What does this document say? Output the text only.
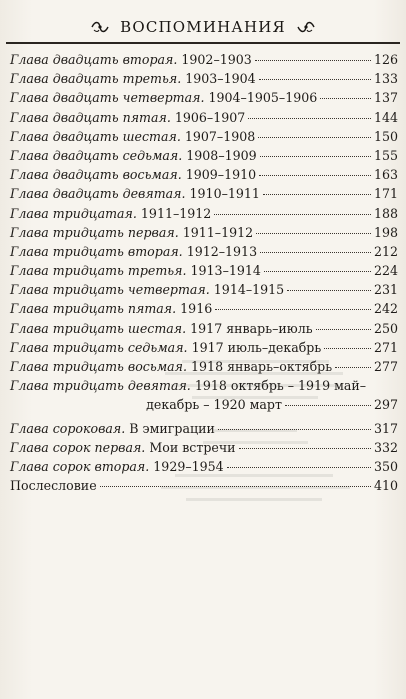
ВОСПОМИНАНИЯ
Глава двадцать вторая. 1902–1903	126
Глава двадцать третья. 1903–1904	133
Глава двадцать четвертая. 1904–1905–1906	137
Глава двадцать пятая. 1906–1907	144
Глава двадцать шестая. 1907–1908	150
Глава двадцать седьмая. 1908–1909	155
Глава двадцать восьмая. 1909–1910	163
Глава двадцать девятая. 1910–1911	171
Глава тридцатая. 1911–1912	188
Глава тридцать первая. 1911–1912	198
Глава тридцать вторая. 1912–1913	212
Глава тридцать третья. 1913–1914	224
Глава тридцать четвертая. 1914–1915	231
Глава тридцать пятая. 1916	242
Глава тридцать шестая. 1917 январь–июль	250
Глава тридцать седьмая. 1917 июль–декабрь	271
Глава тридцать восьмая. 1918 январь–октябрь	277
Глава тридцать девятая. 1918 октябрь – 1919 май–
декабрь – 1920 март	297
Глава сороковая. В эмиграции	317
Глава сорок первая. Мои встречи	332
Глава сорок вторая. 1929–1954	350
Послесловие	410
